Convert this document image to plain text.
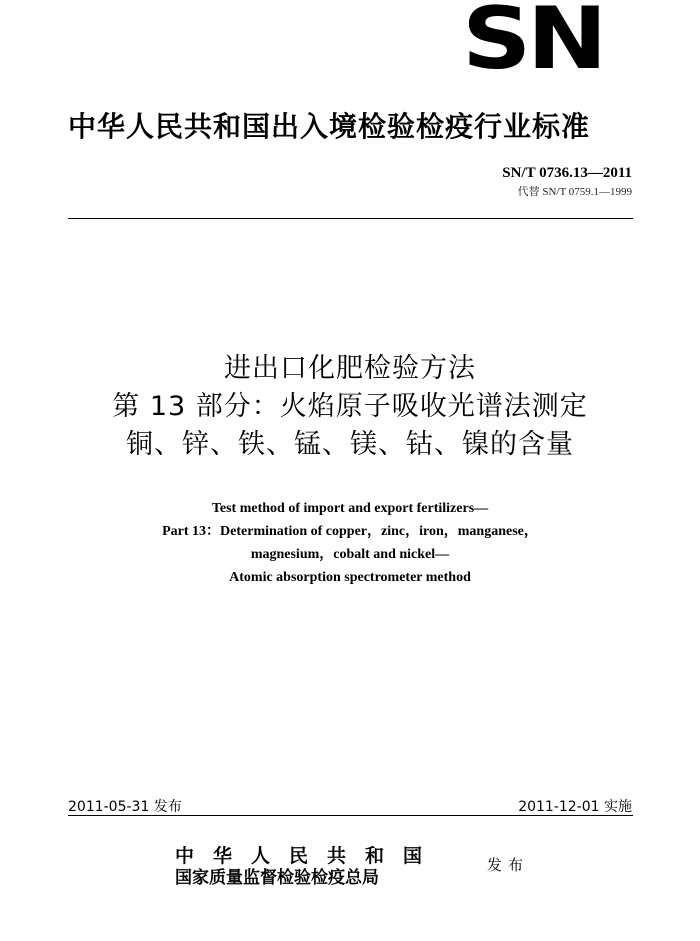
SN
中华人民共和国出入境检验检疫行业标准
SN/T 0736.13—2011
代替 SN/T 0759.1—1999
进出口化肥检验方法
第 13 部分：火焰原子吸收光谱法测定
铜、锌、铁、锰、镁、钴、镍的含量
Test method of import and export fertilizers—
Part 13：Determination of copper，zinc，iron，manganese，
magnesium，cobalt and nickel—
Atomic absorption spectrometer method
2011-05-31 发布	2011-12-01 实施
中华人民共和国
国家质量监督检验检疫总局
发布
